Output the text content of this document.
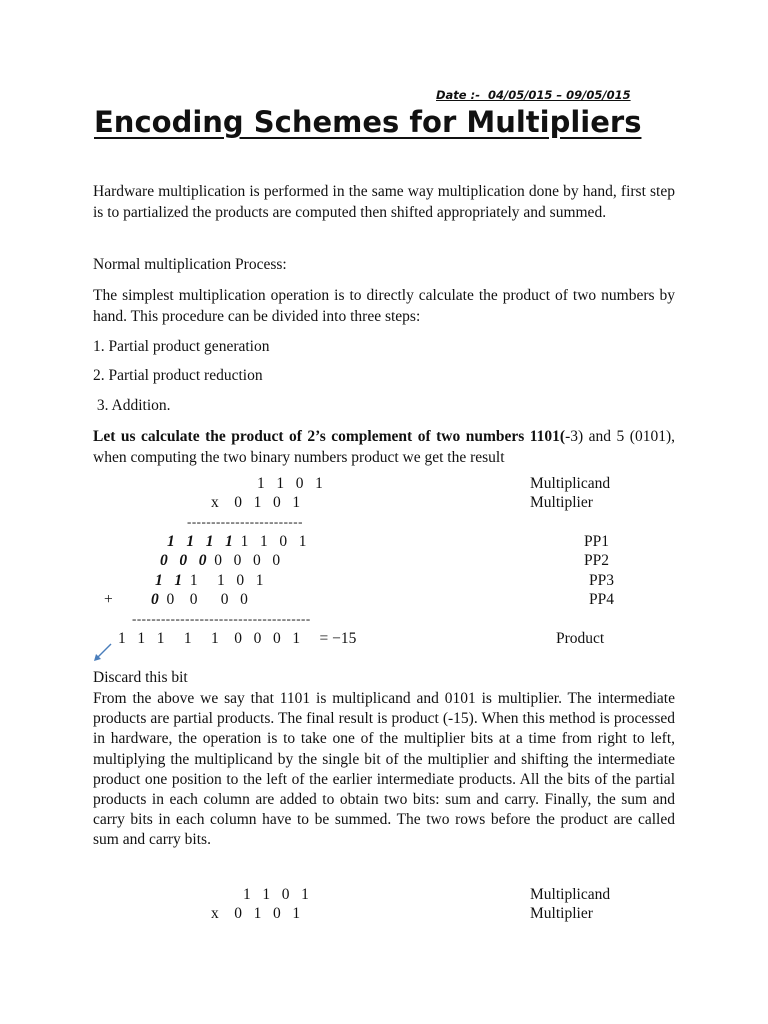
Date :-  04/05/015 – 09/05/015
Encoding Schemes for Multipliers
Hardware multiplication is performed in the same way multiplication done by hand, first step is to partialized the products are computed then shifted appropriately and summed.
Normal multiplication Process:
The simplest multiplication operation is to directly calculate the product of two numbers by hand. This procedure can be divided into three steps:
1. Partial product generation
2. Partial product reduction
3. Addition.
Let us calculate the product of 2’s complement of two numbers 1101(-3) and 5 (0101), when computing the two binary numbers product we get the result
1   1   0   1
x    0   1   0   1
------------------------
1   1   1   1  1   1   0   1
0   0   0  0   0   0   0
1   1  1     1   0   1
+ 0  0    0      0   0
-------------------------------------
1   1   1     1     1    0   0   0   1     = −15
Multiplicand
Multiplier
PP1
PP2
PP3
PP4
Product
Discard this bit
From the above we say that 1101 is multiplicand and 0101 is multiplier. The intermediate products are partial products. The final result is product (-15). When this method is processed in hardware, the operation is to take one of the multiplier bits at a time from right to left, multiplying the multiplicand by the single bit of the multiplier and shifting the intermediate product one position to the left of the earlier intermediate products. All the bits of the partial products in each column are added to obtain two bits: sum and carry. Finally, the sum and carry bits in each column have to be summed. The two rows before the product are called sum and carry bits.
1   1   0   1
x    0   1   0   1
Multiplicand
Multiplier
